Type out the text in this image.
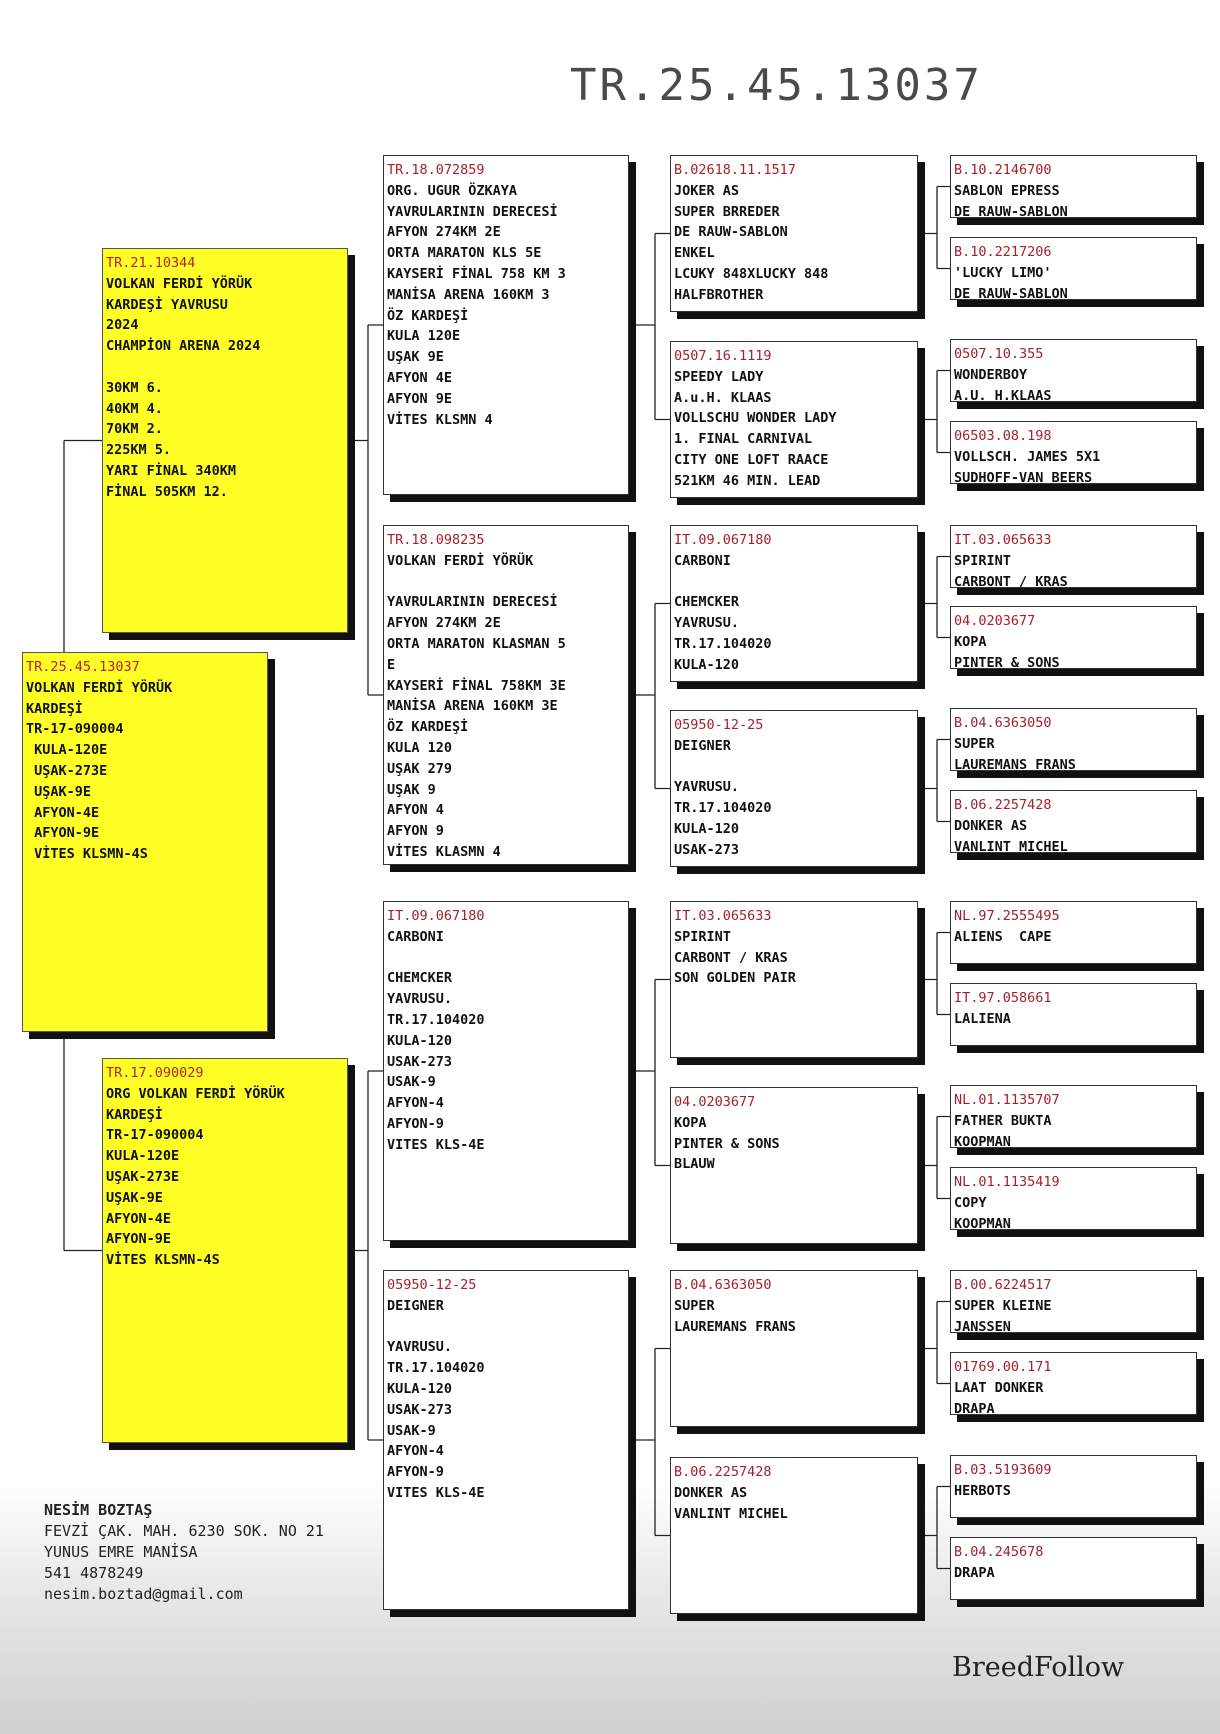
TR.25.45.13037
TR.25.45.13037
VOLKAN FERDİ YÖRÜK
KARDEŞİ
TR-17-090004
KULA-120E
UŞAK-273E
UŞAK-9E
AFYON-4E
AFYON-9E
VİTES KLSMN-4S
TR.21.10344
VOLKAN FERDİ YÖRÜK
KARDEŞİ YAVRUSU
2024
CHAMPİON ARENA 2024
30KM 6.
40KM 4.
70KM 2.
225KM 5.
YARI FİNAL 340KM
FİNAL 505KM 12.
TR.17.090029
ORG VOLKAN FERDİ YÖRÜK
KARDEŞİ
TR-17-090004
KULA-120E
UŞAK-273E
UŞAK-9E
AFYON-4E
AFYON-9E
VİTES KLSMN-4S
TR.18.072859
ORG. UGUR ÖZKAYA
YAVRULARININ DERECESİ
AFYON 274KM 2E
ORTA MARATON KLS 5E
KAYSERİ FİNAL 758 KM 3
MANİSA ARENA 160KM 3
ÖZ KARDEŞİ
KULA 120E
UŞAK 9E
AFYON 4E
AFYON 9E
VİTES KLSMN 4
TR.18.098235
VOLKAN FERDİ YÖRÜK
YAVRULARININ DERECESİ
AFYON 274KM 2E
ORTA MARATON KLASMAN 5
E
KAYSERİ FİNAL 758KM 3E
MANİSA ARENA 160KM 3E
ÖZ KARDEŞİ
KULA 120
UŞAK 279
UŞAK 9
AFYON 4
AFYON 9
VİTES KLASMN 4
IT.09.067180
CARBONI
CHEMCKER
YAVRUSU.
TR.17.104020
KULA-120
USAK-273
USAK-9
AFYON-4
AFYON-9
VITES KLS-4E
05950-12-25
DEIGNER
YAVRUSU.
TR.17.104020
KULA-120
USAK-273
USAK-9
AFYON-4
AFYON-9
VITES KLS-4E
B.02618.11.1517
JOKER AS
SUPER BRREDER
DE RAUW-SABLON
ENKEL
LCUKY 848XLUCKY 848
HALFBROTHER
0507.16.1119
SPEEDY LADY
A.u.H. KLAAS
VOLLSCHU WONDER LADY
1. FINAL CARNIVAL
CITY ONE LOFT RAACE
521KM 46 MIN. LEAD
IT.09.067180
CARBONI
CHEMCKER
YAVRUSU.
TR.17.104020
KULA-120
05950-12-25
DEIGNER
YAVRUSU.
TR.17.104020
KULA-120
USAK-273
IT.03.065633
SPIRINT
CARBONT / KRAS
SON GOLDEN PAIR
04.0203677
KOPA
PINTER & SONS
BLAUW
B.04.6363050
SUPER
LAUREMANS FRANS
B.06.2257428
DONKER AS
VANLINT MICHEL
B.10.2146700
SABLON EPRESS
DE RAUW-SABLON
B.10.2217206
'LUCKY LIMO'
DE RAUW-SABLON
0507.10.355
WONDERBOY
A.U. H.KLAAS
06503.08.198
VOLLSCH. JAMES 5X1
SUDHOFF-VAN BEERS
IT.03.065633
SPIRINT
CARBONT / KRAS
04.0203677
KOPA
PINTER & SONS
B.04.6363050
SUPER
LAUREMANS FRANS
B.06.2257428
DONKER AS
VANLINT MICHEL
NL.97.2555495
ALIENS  CAPE
IT.97.058661
LALIENA
NL.01.1135707
FATHER BUKTA
KOOPMAN
NL.01.1135419
COPY
KOOPMAN
B.00.6224517
SUPER KLEINE
JANSSEN
01769.00.171
LAAT DONKER
DRAPA
B.03.5193609
HERBOTS
B.04.245678
DRAPA
NESİM BOZTAŞ
FEVZİ ÇAK. MAH. 6230 SOK. NO 21
YUNUS EMRE MANİSA
541 4878249
nesim.boztad@gmail.com
BreedFollow
